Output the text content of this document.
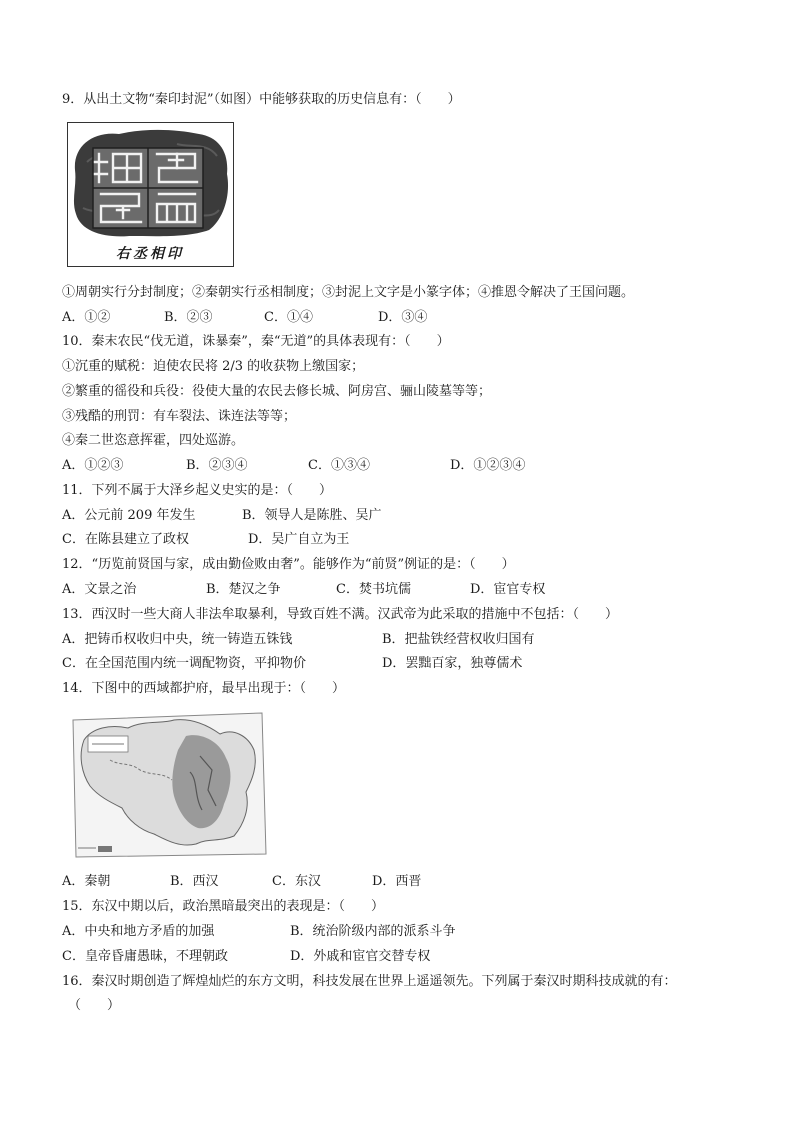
9．从出土文物“秦印封泥”（如图）中能够获取的历史信息有：（　　）
右丞相印
①周朝实行分封制度；②秦朝实行丞相制度；③封泥上文字是小篆字体；④推恩令解决了王国问题。
A．①②	B．②③	C．①④	D．③④
10．秦末农民“伐无道，诛暴秦”，秦“无道”的具体表现有：（　　）
①沉重的赋税：迫使农民将 2/3 的收获物上缴国家；
②繁重的徭役和兵役：役使大量的农民去修长城、阿房宫、骊山陵墓等等；
③残酷的刑罚：有车裂法、诛连法等等；
④秦二世恣意挥霍，四处巡游。
A．①②③	B．②③④	C．①③④	D．①②③④
11．下列不属于大泽乡起义史实的是：（　　）
A．公元前 209 年发生	B．领导人是陈胜、吴广
C．在陈县建立了政权	D．吴广自立为王
12．“历览前贤国与家，成由勤俭败由奢”。能够作为“前贤”例证的是：（　　）
A．文景之治	B．楚汉之争	C．焚书坑儒	D．宦官专权
13．西汉时一些大商人非法牟取暴利，导致百姓不满。汉武帝为此采取的措施中不包括：（　　）
A．把铸币权收归中央，统一铸造五铢钱	B．把盐铁经营权收归国有
C．在全国范围内统一调配物资，平抑物价	D．罢黜百家，独尊儒术
14．下图中的西域都护府，最早出现于：（　　）
A．秦朝	B．西汉	C．东汉	D．西晋
15．东汉中期以后，政治黑暗最突出的表现是：（　　）
A．中央和地方矛盾的加强	B．统治阶级内部的派系斗争
C．皇帝昏庸愚昧，不理朝政	D．外戚和宦官交替专权
16．秦汉时期创造了辉煌灿烂的东方文明，科技发展在世界上遥遥领先。下列属于秦汉时期科技成就的有：
（　　）
